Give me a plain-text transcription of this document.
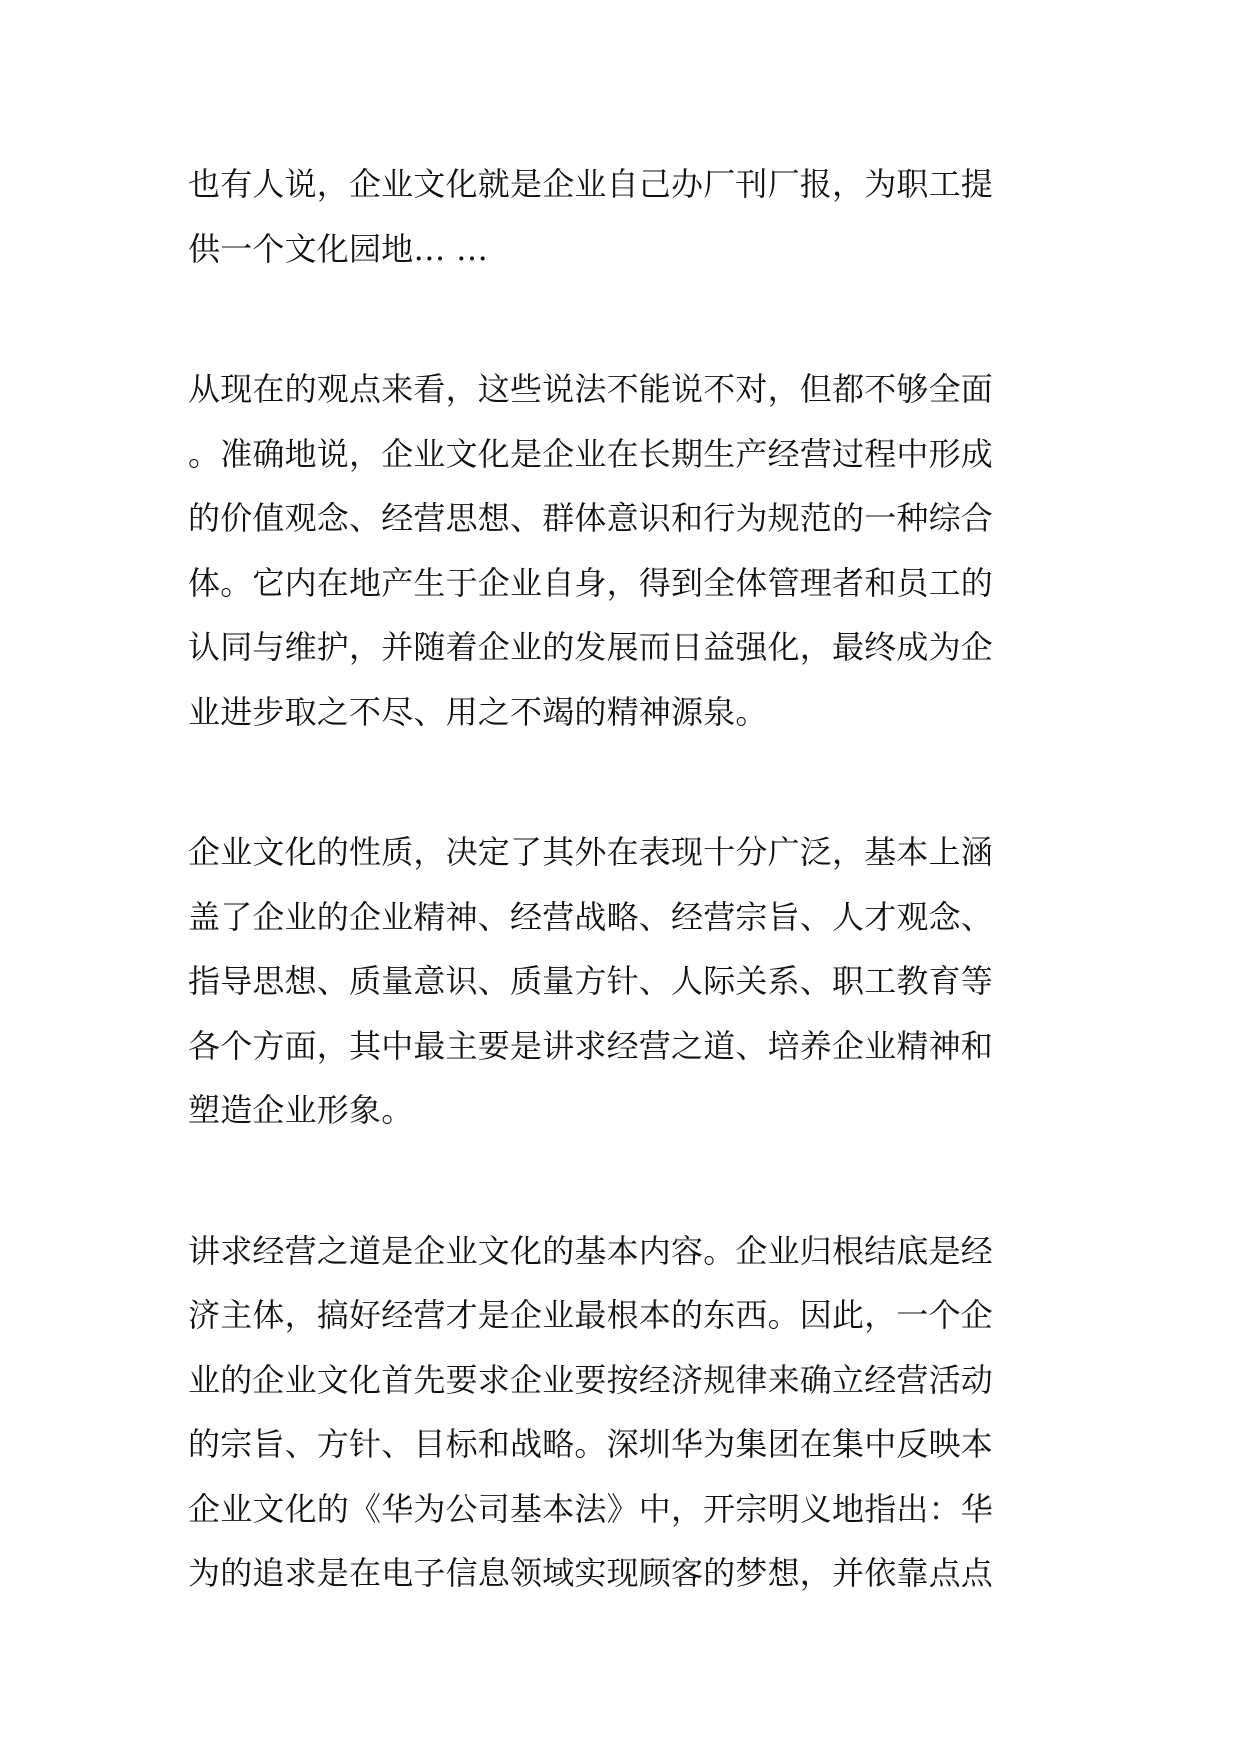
也有人说，企业文化就是企业自己办厂刊厂报，为职工提
供一个文化园地… …
从现在的观点来看，这些说法不能说不对，但都不够全面
。准确地说，企业文化是企业在长期生产经营过程中形成
的价值观念、经营思想、群体意识和行为规范的一种综合
体。它内在地产生于企业自身，得到全体管理者和员工的
认同与维护，并随着企业的发展而日益强化，最终成为企
业进步取之不尽、用之不竭的精神源泉。
企业文化的性质，决定了其外在表现十分广泛，基本上涵
盖了企业的企业精神、经营战略、经营宗旨、人才观念、
指导思想、质量意识、质量方针、人际关系、职工教育等
各个方面，其中最主要是讲求经营之道、培养企业精神和
塑造企业形象。
讲求经营之道是企业文化的基本内容。企业归根结底是经
济主体，搞好经营才是企业最根本的东西。因此，一个企
业的企业文化首先要求企业要按经济规律来确立经营活动
的宗旨、方针、目标和战略。深圳华为集团在集中反映本
企业文化的《华为公司基本法》中，开宗明义地指出：华
为的追求是在电子信息领域实现顾客的梦想，并依靠点点
